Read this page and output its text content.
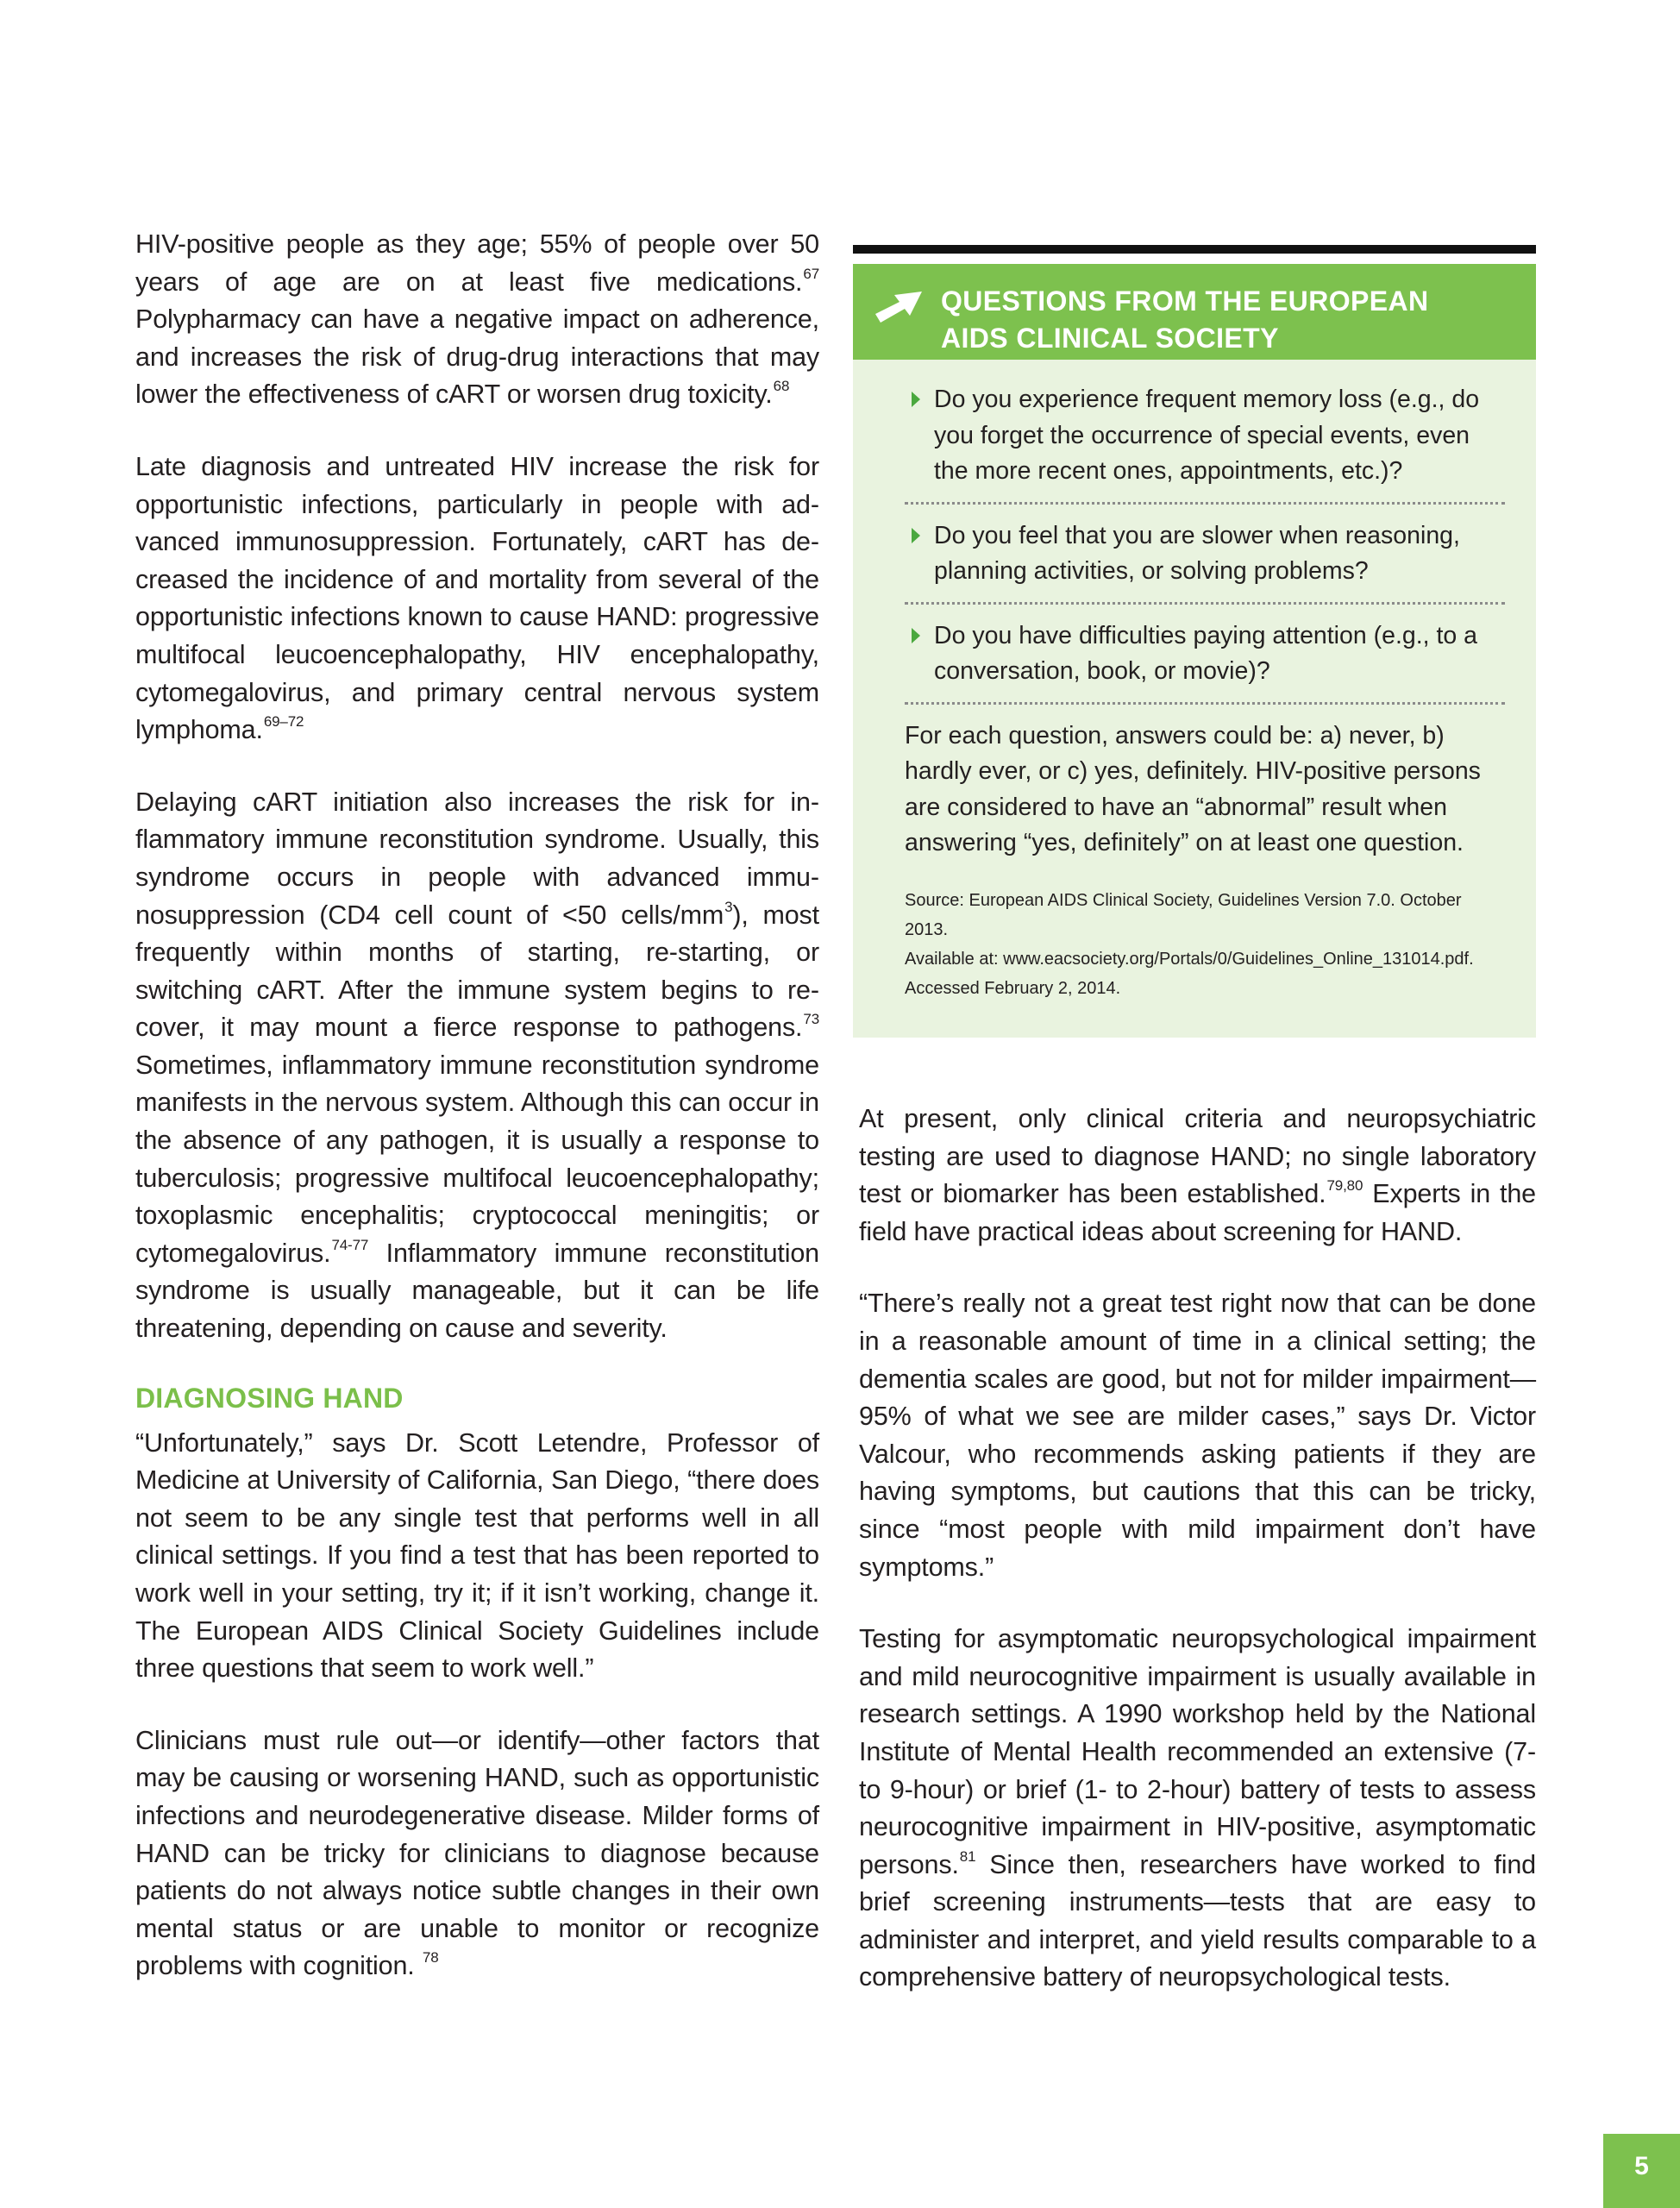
HIV-positive people as they age; 55% of people over 50 years of age are on at least five medications.$^{67}$ Polypharmacy can have a negative impact on adherence, and increases the risk of drug-drug interactions that may lower the effectiveness of cART or worsen drug toxicity.$^{68}$

Late diagnosis and untreated HIV increase the risk for opportunistic infections, particularly in people with advanced immunosuppression. Fortunately, cART has decreased the incidence of and mortality from several of the opportunistic infections known to cause HAND: progressive multifocal leucoencephalopathy, HIV encephalopathy, cytomegalovirus, and primary central nervous system lymphoma.$^{69-72}$

Delaying cART initiation also increases the risk for inflammatory immune reconstitution syndrome. Usually, this syndrome occurs in people with advanced immunosuppression (CD4 cell count of <50 cells/$mm^3$), most frequently within months of starting, re-starting, or switching cART. After the immune system begins to recover, it may mount a fierce response to pathogens.$^{73}$ Sometimes, inflammatory immune reconstitution syndrome manifests in the nervous system. Although this can occur in the absence of any pathogen, it is usually a response to tuberculosis; progressive multifocal leucoencephalopathy; toxoplasmic encephalitis; cryptococcal meningitis; or cytomegalovirus.$^{74-77}$ Inflammatory immune reconstitution syndrome is usually manageable, but it can be life threatening, depending on cause and severity.

DIAGNOSING HAND

“Unfortunately,” says Dr. Scott Letendre, Professor of Medicine at University of California, San Diego, “there does not seem to be any single test that performs well in all clinical settings. If you find a test that has been reported to work well in your setting, try it; if it isn’t working, change it. The European AIDS Clinical Society Guidelines include three questions that seem to work well.”

Clinicians must rule out—or identify—other factors that may be causing or worsening HAND, such as opportunistic infections and neurodegenerative disease. Milder forms of HAND can be tricky for clinicians to diagnose because patients do not always notice subtle changes in their own mental status or are unable to monitor or recognize problems with cognition. $^{78}$

QUESTIONS FROM THE EUROPEAN
AIDS CLINICAL SOCIETY
Do you experience frequent memory loss (e.g., do you forget the occurrence of special events, even the more recent ones, appointments, etc.)?
Do you feel that you are slower when reasoning, planning activities, or solving problems?
Do you have difficulties paying attention (e.g., to a conversation, book, or movie)?
For each question, answers could be: a) never, b) hardly ever, or c) yes, definitely. HIV-positive persons are considered to have an “abnormal” result when answering “yes, definitely” on at least one question.
Source: European AIDS Clinical Society, Guidelines Version 7.0. October 2013.
Available at: www.eacsociety.org/Portals/0/Guidelines_Online_131014.pdf.
Accessed February 2, 2014.

At present, only clinical criteria and neuropsychiatric testing are used to diagnose HAND; no single laboratory test or biomarker has been established.$^{79,80}$ Experts in the field have practical ideas about screening for HAND.

“There’s really not a great test right now that can be done in a reasonable amount of time in a clinical setting; the dementia scales are good, but not for milder impairment—95% of what we see are milder cases,” says Dr. Victor Valcour, who recommends asking patients if they are having symptoms, but cautions that this can be tricky, since “most people with mild impairment don’t have symptoms.”

Testing for asymptomatic neuropsychological impairment and mild neurocognitive impairment is usually available in research settings. A 1990 workshop held by the National Institute of Mental Health recommended an extensive (7- to 9-hour) or brief (1- to 2-hour) battery of tests to assess neurocognitive impairment in HIV-positive, asymptomatic persons.$^{81}$ Since then, researchers have worked to find brief screening instruments—tests that are easy to administer and interpret, and yield results comparable to a comprehensive battery of neuropsychological tests.

5
